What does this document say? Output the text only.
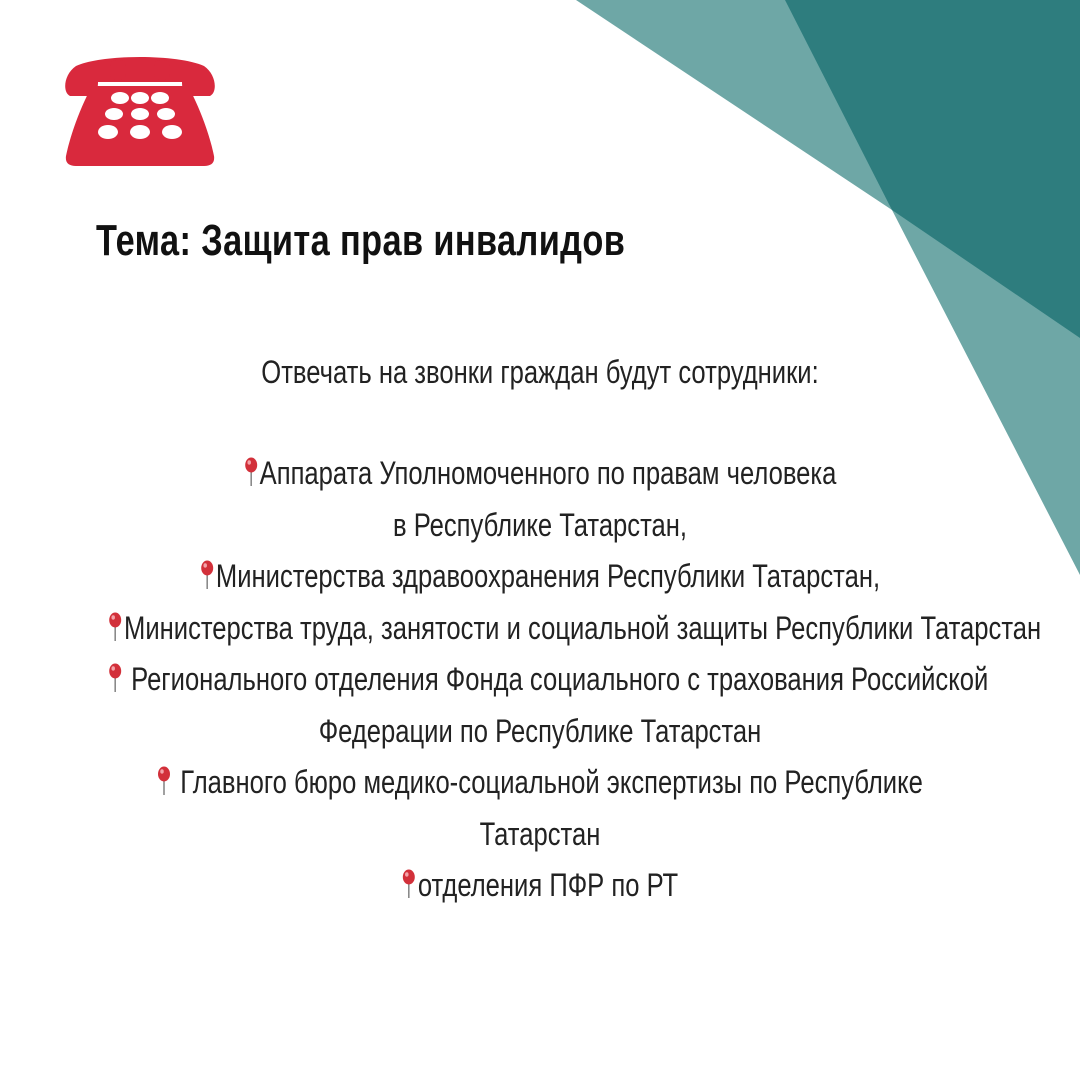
Тема: Защита прав инвалидов
Отвечать на звонки граждан будут сотрудники:
Аппарата Уполномоченного по правам человека
в Республике Татарстан,
Министерства здравоохранения Республики Татарстан,
Министерства труда, занятости и социальной защиты Республики Татарстан
Регионального отделения Фонда социального с трахования Российской
Федерации по Республике Татарстан
Главного бюро медико-социальной экспертизы по Республике
Татарстан
отделения ПФР по РТ
